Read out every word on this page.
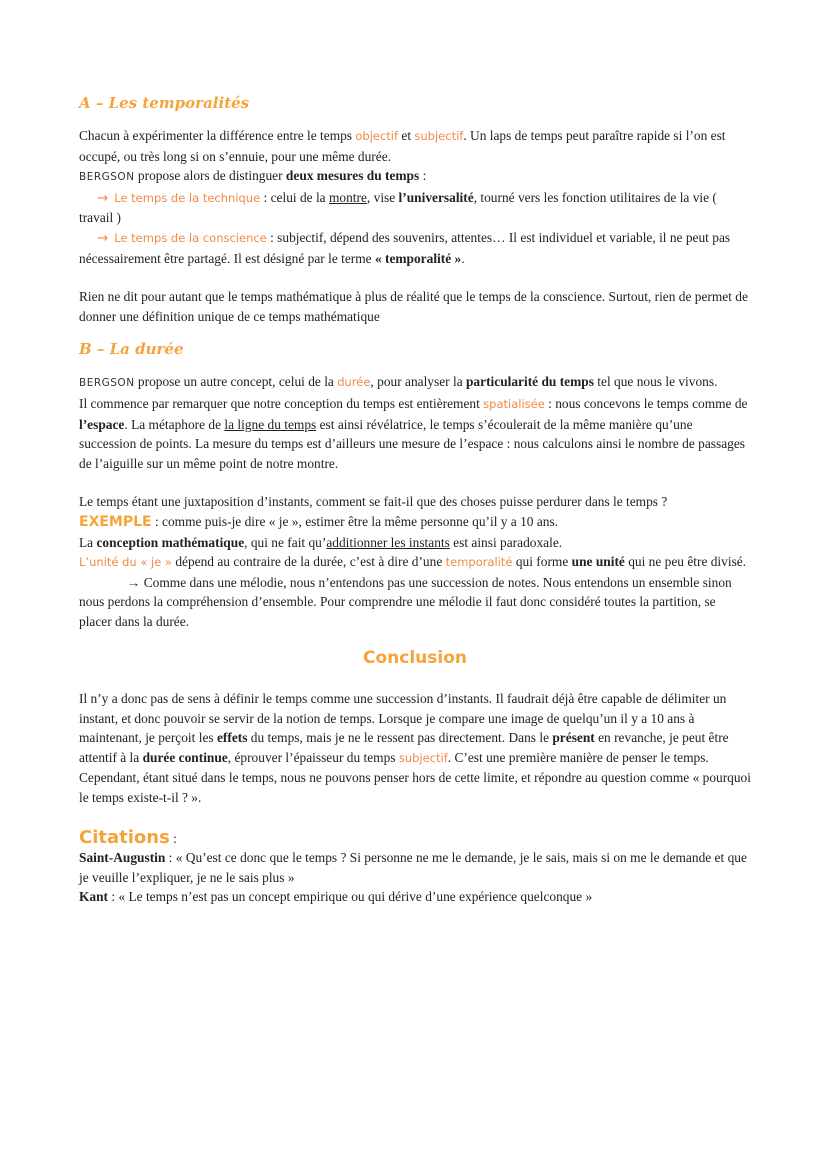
A – Les temporalités

Chacun à expérimenter la différence entre le temps objectif et subjectif. Un laps de temps peut paraître rapide si l’on est occupé, ou très long si on s’ennuie, pour une même durée.

BERGSON propose alors de distinguer deux mesures du temps :

→ Le temps de la technique : celui de la montre, vise l’universalité, tourné vers les fonction utilitaires de la vie ( travail )

→ Le temps de la conscience : subjectif, dépend des souvenirs, attentes… Il est individuel et variable, il ne peut pas nécessairement être partagé. Il est désigné par le terme « temporalité ».

Rien ne dit pour autant que le temps mathématique à plus de réalité que le temps de la conscience. Surtout, rien de permet de donner une définition unique de ce temps mathématique

B – La durée

BERGSON propose un autre concept, celui de la durée, pour analyser la particularité du temps tel que nous le vivons.

Il commence par remarquer que notre conception du temps est entièrement spatialisée : nous concevons le temps comme de l’espace. La métaphore de la ligne du temps est ainsi révélatrice, le temps s’écoulerait de la même manière qu’une succession de points. La mesure du temps est d’ailleurs une mesure de l’espace : nous calculons ainsi le nombre de passages de l’aiguille sur un même point de notre montre.

Le temps étant une juxtaposition d’instants, comment se fait-il que des choses puisse perdurer dans le temps ?

EXEMPLE : comme puis-je dire « je », estimer être la même personne qu’il y a 10 ans.

La conception mathématique, qui ne fait qu’additionner les instants est ainsi paradoxale.

L’unité du « je » dépend au contraire de la durée, c’est à dire d’une temporalité qui forme une unité qui ne peu être divisé.

→ Comme dans une mélodie, nous n’entendons pas une succession de notes. Nous entendons un ensemble sinon nous perdons la compréhension d’ensemble. Pour comprendre une mélodie il faut donc considéré toutes la partition, se placer dans la durée.

Conclusion

Il n’y a donc pas de sens à définir le temps comme une succession d’instants. Il faudrait déjà être capable de délimiter un instant, et donc pouvoir se servir de la notion de temps. Lorsque je compare une image de quelqu’un il y a 10 ans à maintenant, je perçoit les effets du temps, mais je ne le ressent pas directement. Dans le présent en revanche, je peut être attentif à la durée continue, éprouver l’épaisseur du temps subjectif. C’est une première manière de penser le temps. Cependant, étant situé dans le temps, nous ne pouvons penser hors de cette limite, et répondre au question comme « pourquoi le temps existe-t-il ? ».

Citations :

Saint-Augustin : « Qu’est ce donc que le temps ? Si personne ne me le demande, je le sais, mais si on me le demande et que je veuille l’expliquer, je ne le sais plus »

Kant : « Le temps n’est pas un concept empirique ou qui dérive d’une expérience quelconque »
